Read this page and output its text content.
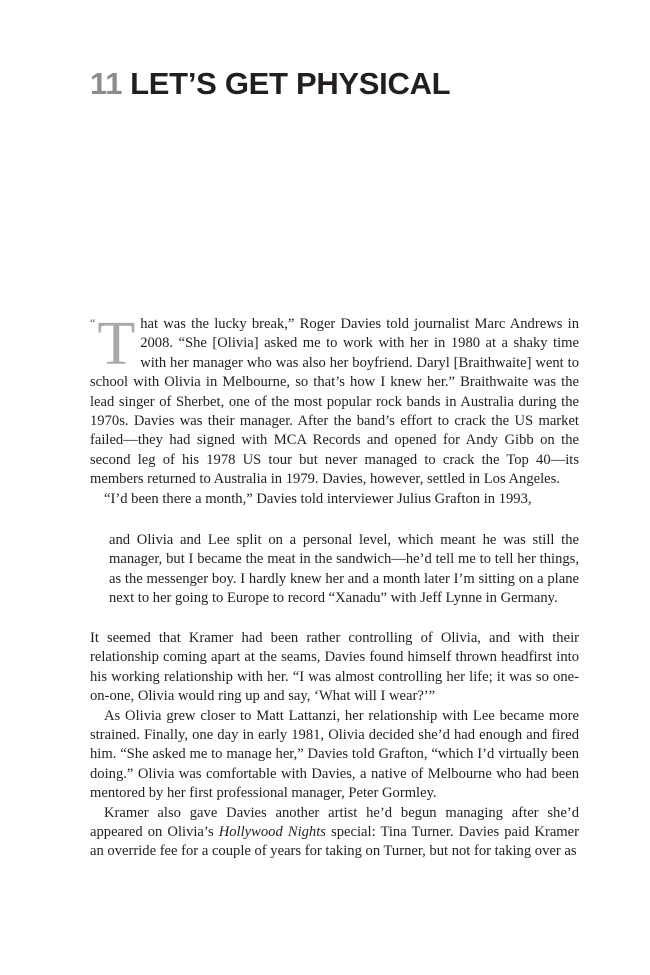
11 LET’S GET PHYSICAL

“ T hat was the lucky break,” Roger Davies told journalist Marc Andrews in 2008. “She [Olivia] asked me to work with her in 1980 at a shaky time with her manager who was also her boyfriend. Daryl [Braithwaite] went to school with Olivia in Melbourne, so that’s how I knew her.” Braithwaite was the lead singer of Sherbet, one of the most popular rock bands in Australia during the 1970s. Davies was their manager. After the band’s effort to crack the US market failed—they had signed with MCA Records and opened for Andy Gibb on the second leg of his 1978 US tour but never managed to crack the Top 40—its members returned to Australia in 1979. Davies, however, settled in Los Angeles.

“I’d been there a month,” Davies told interviewer Julius Grafton in 1993,

and Olivia and Lee split on a personal level, which meant he was still the manager, but I became the meat in the sandwich—he’d tell me to tell her things, as the messenger boy. I hardly knew her and a month later I’m sitting on a plane next to her going to Europe to record “Xanadu” with Jeff Lynne in Germany.

It seemed that Kramer had been rather controlling of Olivia, and with their relationship coming apart at the seams, Davies found himself thrown headfirst into his working relationship with her. “I was almost controlling her life; it was so one-on-one, Olivia would ring up and say, ‘What will I wear?’”

As Olivia grew closer to Matt Lattanzi, her relationship with Lee became more strained. Finally, one day in early 1981, Olivia decided she’d had enough and fired him. “She asked me to manage her,” Davies told Grafton, “which I’d virtually been doing.” Olivia was comfortable with Davies, a native of Melbourne who had been mentored by her first professional manager, Peter Gormley.

Kramer also gave Davies another artist he’d begun managing after she’d appeared on Olivia’s Hollywood Nights special: Tina Turner. Davies paid Kramer an override fee for a couple of years for taking on Turner, but not for taking over as
